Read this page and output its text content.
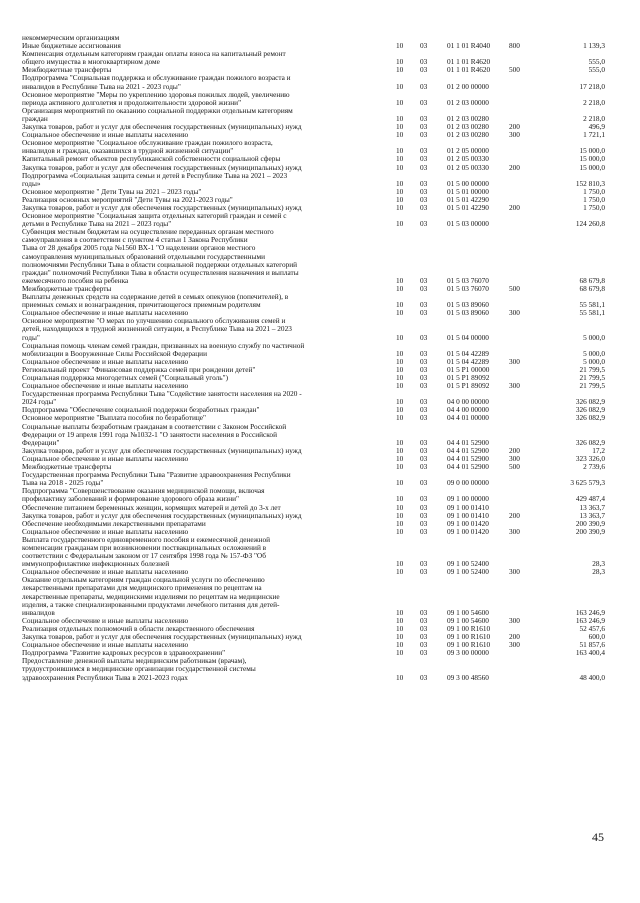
некоммерческим организациям
Иные бюджетные ассигнования	10 03	01 1 01 R4040	800	1 139,3
Компенсация отдельным категориям граждан оплаты взноса на капитальный ремонт
общего имущества в многоквартирном доме	10 03	01 1 01 R4620	555,0
Межбюджетные трансферты	10 03	01 1 01 R4620	500	555,0
Подпрограмма "Социальная поддержка и обслуживание граждан пожилого возраста и
инвалидов в Республике Тыва на 2021 - 2023 годы"	10 03	01 2 00 00000	17 218,0
Основное мероприятие "Меры по укреплению здоровья пожилых людей, увеличению
периода активного долголетия и продолжительности здоровой жизни"	10 03	01 2 03 00000	2 218,0
Организация мероприятий по оказанию социальной поддержки отдельным категориям
граждан	10 03	01 2 03 00280	2 218,0
Закупка товаров, работ и услуг для обеспечения государственных (муниципальных) нужд	10 03	01 2 03 00280	200	496,9
Социальное обеспечение и иные выплаты населению	10 03	01 2 03 00280	300	1 721,1
Основное мероприятие "Социальное обслуживание граждан пожилого возраста,
инвалидов и граждан, оказавшихся в трудной жизненной ситуации"	10 03	01 2 05 00000	15 000,0
Капитальный ремонт объектов республиканской собственности социальной сферы	10 03	01 2 05 00330	15 000,0
Закупка товаров, работ и услуг для обеспечения государственных (муниципальных) нужд	10 03	01 2 05 00330	200	15 000,0
Подпрограмма «Социальная защита семьи и детей в Республике Тыва на 2021 – 2023
годы»	10 03	01 5 00 00000	152 810,3
Основное мероприятие " Дети Тувы на 2021 – 2023 годы"	10 03	01 5 01 00000	1 750,0
Реализация основных мероприятий "Дети Тувы на 2021-2023 годы"	10 03	01 5 01 42290	1 750,0
Закупка товаров, работ и услуг для обеспечения государственных (муниципальных) нужд	10 03	01 5 01 42290	200	1 750,0
Основное мероприятие "Социальная защита отдельных категорий граждан и семей с
детьми в Республике Тыва на 2021 – 2023 годы"	10 03	01 5 03 00000	124 260,8
Субвенция местным бюджетам на осуществление переданных органам местного
самоуправления в соответствии с пунктом 4 статьи 1 Закона Республики
Тыва от 28 декабря 2005 года №1560 ВХ-1 "О наделении органов местного
самоуправления муниципальных образований отдельными государственными
полномочиями Республики Тыва в области социальной поддержки отдельных категорий
граждан" полномочий Республики Тыва в области осуществления назначения и выплаты
ежемесячного пособия на ребенка	10 03	01 5 03 76070	68 679,8
Межбюджетные трансферты	10 03	01 5 03 76070	500	68 679,8
Выплаты денежных средств на содержание детей в семьях опекунов (попечителей), в
приемных семьях и вознаграждения, причитающегося приемным родителям	10 03	01 5 03 89060	55 581,1
Социальное обеспечение и иные выплаты населению	10 03	01 5 03 89060	300	55 581,1
Основное мероприятие "О мерах по улучшению социального обслуживания семей и
детей, находящихся в трудной жизненной ситуации, в Республике Тыва на 2021 – 2023
годы"	10 03	01 5 04 00000	5 000,0
Социальная помощь членам семей граждан, призванных на военную службу по частичной
мобилизации в Вооруженные Силы Российской Федерации	10 03	01 5 04 42289	5 000,0
Социальное обеспечение и иные выплаты населению	10 03	01 5 04 42289	300	5 000,0
Региональный проект "Финансовая поддержка семей при рождении детей"	10 03	01 5 P1 00000	21 799,5
Социальная поддержка многодетных семей ("Социальный уголь")	10 03	01 5 P1 89092	21 799,5
Социальное обеспечение и иные выплаты населению	10 03	01 5 P1 89092	300	21 799,5
Государственная программа Республики Тыва "Содействие занятости населения на 2020 -
2024 годы"	10 03	04 0 00 00000	326 082,9
Подпрограмма "Обеспечение социальной поддержки безработных граждан"	10 03	04 4 00 00000	326 082,9
Основное мероприятие "Выплата пособия по безработице"	10 03	04 4 01 00000	326 082,9
Социальные выплаты безработным гражданам в соответствии с Законом Российской
Федерации от 19 апреля 1991 года №1032-1 "О занятости населения в Российской
Федерации"	10 03	04 4 01 52900	326 082,9
Закупка товаров, работ и услуг для обеспечения государственных (муниципальных) нужд	10 03	04 4 01 52900	200	17,2
Социальное обеспечение и иные выплаты населению	10 03	04 4 01 52900	300	323 326,0
Межбюджетные трансферты	10 03	04 4 01 52900	500	2 739,6
Государственная программа Республики Тыва "Развитие здравоохранения Республики
Тыва на 2018 - 2025 годы"	10 03	09 0 00 00000	3 625 579,3
Подпрограмма "Совершенствование оказания медицинской помощи, включая
профилактику заболеваний и формирование здорового образа жизни"	10 03	09 1 00 00000	429 487,4
Обеспечение питанием беременных женщин, кормящих матерей и детей до 3-х лет	10 03	09 1 00 01410	13 363,7
Закупка товаров, работ и услуг для обеспечения государственных (муниципальных) нужд	10 03	09 1 00 01410	200	13 363,7
Обеспечение необходимыми лекарственными препаратами	10 03	09 1 00 01420	200 390,9
Социальное обеспечение и иные выплаты населению	10 03	09 1 00 01420	300	200 390,9
Выплата государственного единовременного пособия и ежемесячной денежной
компенсации гражданам при возникновении поствакцинальных осложнений в
соответствии с Федеральным законом от 17 сентября 1998 года № 157-ФЗ "Об
иммунопрофилактике инфекционных болезней	10 03	09 1 00 52400	28,3
Социальное обеспечение и иные выплаты населению	10 03	09 1 00 52400	300	28,3
Оказание отдельным категориям граждан социальной услуги по обеспечению
лекарственными препаратами для медицинского применения по рецептам на
лекарственные препараты, медицинскими изделиями по рецептам на медицинские
изделия, а также специализированными продуктами лечебного питания для детей-
инвалидов	10 03	09 1 00 54600	163 246,9
Социальное обеспечение и иные выплаты населению	10 03	09 1 00 54600	300	163 246,9
Реализация отдельных полномочий в области лекарственного обеспечения	10 03	09 1 00 R1610	52 457,6
Закупка товаров, работ и услуг для обеспечения государственных (муниципальных) нужд	10 03	09 1 00 R1610	200	600,0
Социальное обеспечение и иные выплаты населению	10 03	09 1 00 R1610	300	51 857,6
Подпрограмма "Развитие кадровых ресурсов в здравоохранении"	10 03	09 3 00 00000	163 400,4
Предоставление денежной выплаты медицинским работникам (врачам),
трудоустроившимся в медицинские организации государственной системы
здравоохранения Республики Тыва в 2021-2023 годах	10 03	09 3 00 48560	48 400,0
45
